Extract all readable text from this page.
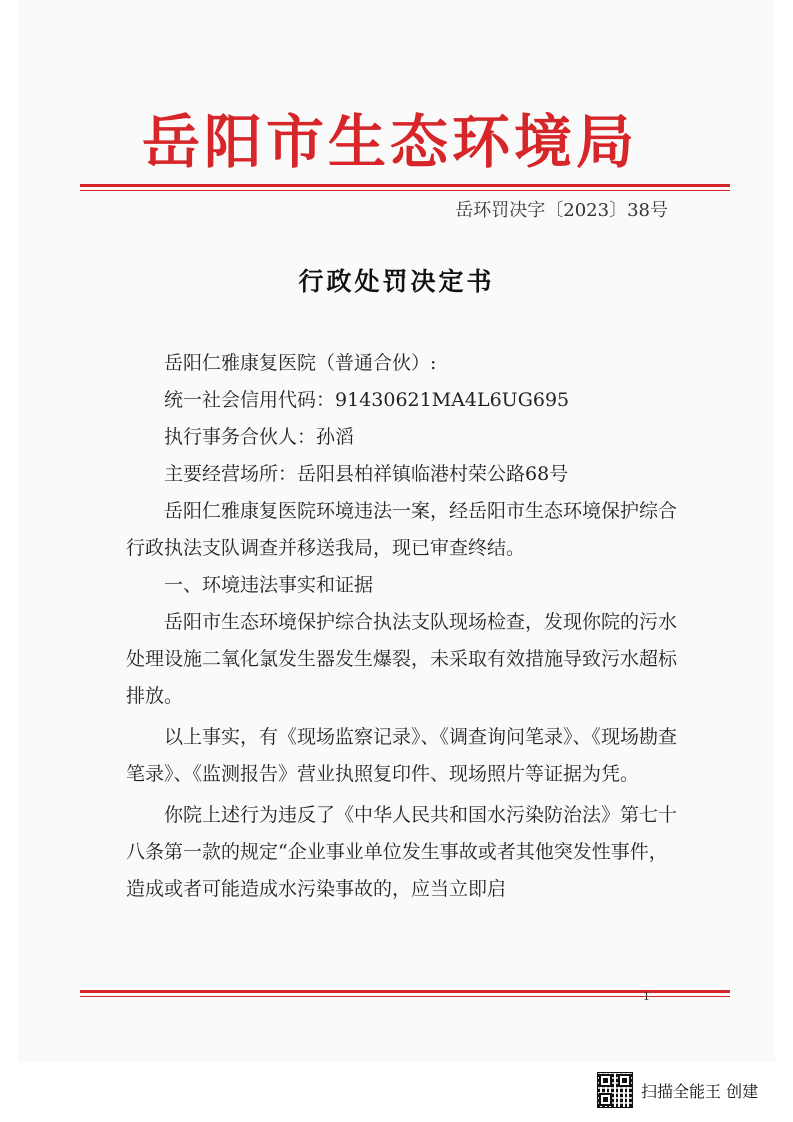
岳阳市生态环境局

岳环罚决字〔2023〕38号

行政处罚决定书

岳阳仁雅康复医院（普通合伙）:

统一社会信用代码：91430621MA4L6UG695

执行事务合伙人：孙滔

主要经营场所：岳阳县柏祥镇临港村荣公路68号

岳阳仁雅康复医院环境违法一案，经岳阳市生态环境保护综合行政执法支队调查并移送我局，现已审查终结。

一、环境违法事实和证据

岳阳市生态环境保护综合执法支队现场检查，发现你院的污水处理设施二氧化氯发生器发生爆裂，未采取有效措施导致污水超标排放。

以上事实，有《现场监察记录》、《调查询问笔录》、《现场勘查笔录》、《监测报告》营业执照复印件、现场照片等证据为凭。

你院上述行为违反了《中华人民共和国水污染防治法》第七十八条第一款的规定“企业事业单位发生事故或者其他突发性事件，造成或者可能造成水污染事故的，应当立即启

1
扫描全能王 创建
